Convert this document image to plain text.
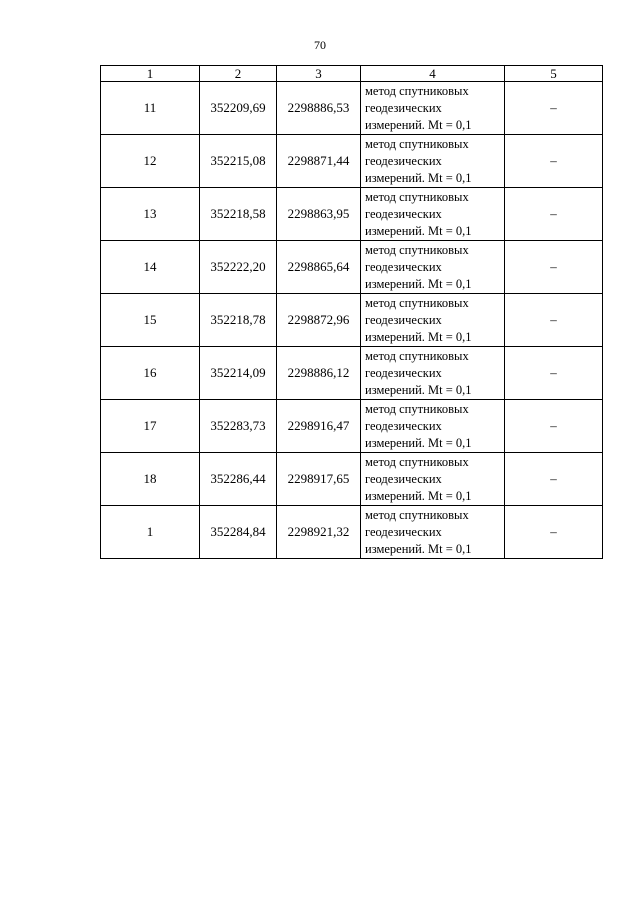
70
1	2	3	4	5
11	352209,69	2298886,53	метод спутниковых
геодезических
измерений. Mt = 0,1	–
12	352215,08	2298871,44	метод спутниковых
геодезических
измерений. Mt = 0,1	–
13	352218,58	2298863,95	метод спутниковых
геодезических
измерений. Mt = 0,1	–
14	352222,20	2298865,64	метод спутниковых
геодезических
измерений. Mt = 0,1	–
15	352218,78	2298872,96	метод спутниковых
геодезических
измерений. Mt = 0,1	–
16	352214,09	2298886,12	метод спутниковых
геодезических
измерений. Mt = 0,1	–
17	352283,73	2298916,47	метод спутниковых
геодезических
измерений. Mt = 0,1	–
18	352286,44	2298917,65	метод спутниковых
геодезических
измерений. Mt = 0,1	–
1	352284,84	2298921,32	метод спутниковых
геодезических
измерений. Mt = 0,1	–
